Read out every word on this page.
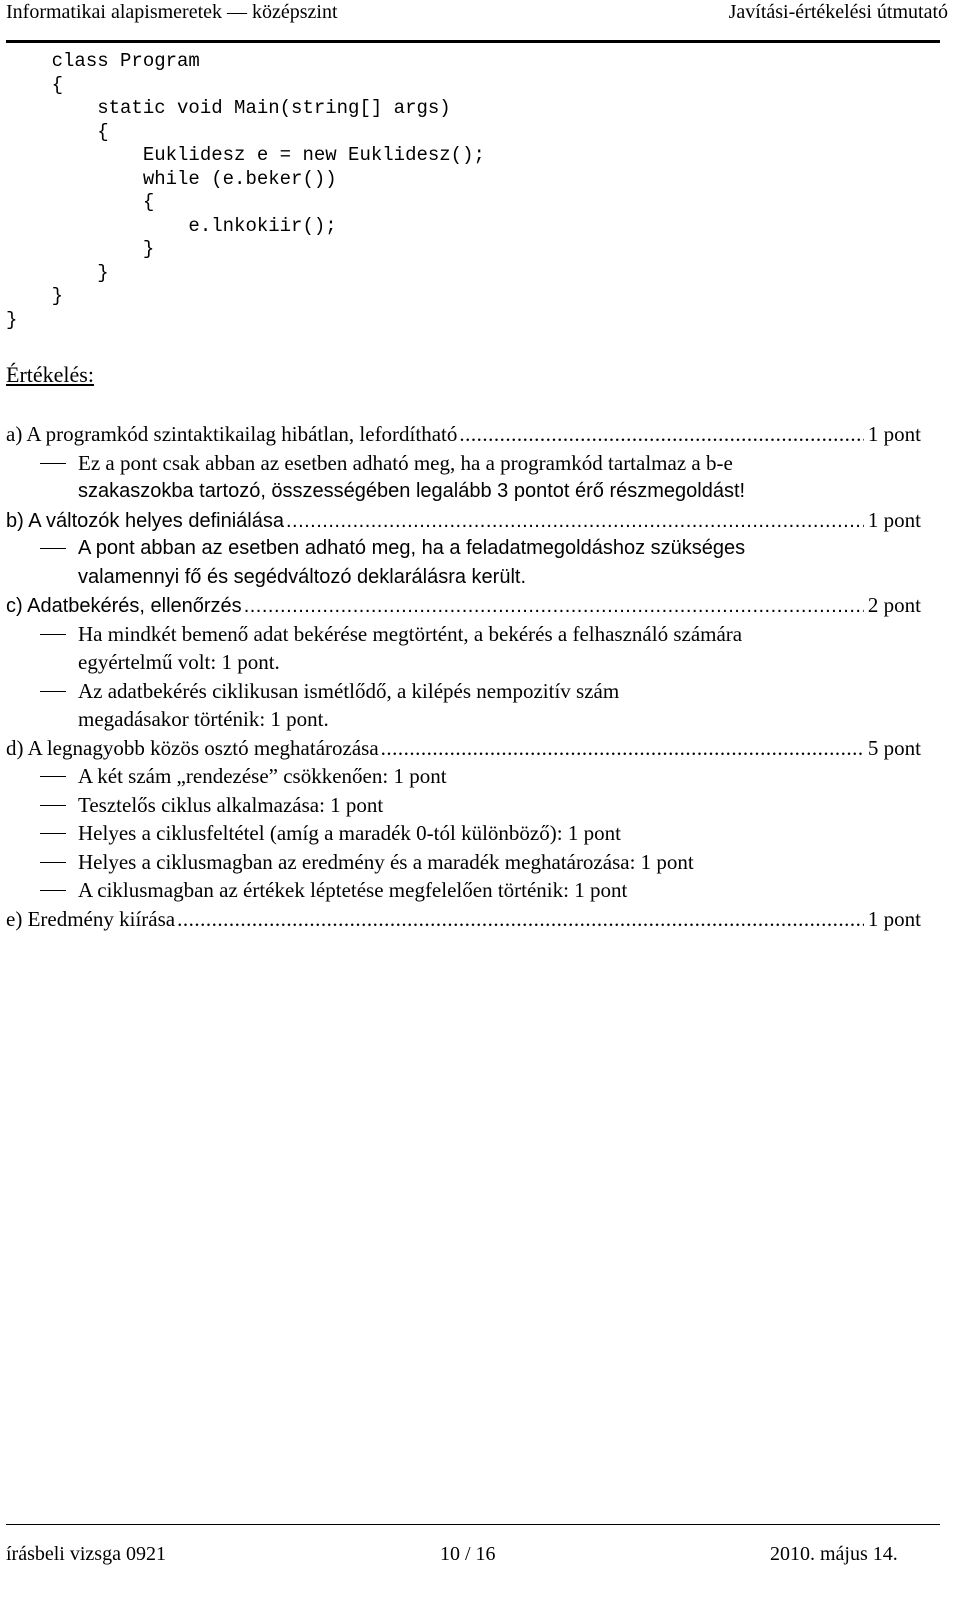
Informatikai alapismeretek — középszint	Javítási-értékelési útmutató
class Program
{
static void Main(string[] args)
{
Euklidesz e = new Euklidesz();
while (e.beker())
{
e.lnkokiir();
}
}
}
}
Értékelés:
a) A programkód szintaktikailag hibátlan, lefordítható .....	1 pont
Ez a pont csak abban az esetben adható meg, ha a programkód tartalmaz a b-e
szakaszokba tartozó, összességében legalább 3 pontot érő részmegoldást!
b) A változók helyes definiálása .....	1 pont
A pont abban az esetben adható meg, ha a feladatmegoldáshoz szükséges
valamennyi fő és segédváltozó deklarálásra került.
c) Adatbekérés, ellenőrzés .....	2 pont
Ha mindkét bemenő adat bekérése megtörtént, a bekérés a felhasználó számára
egyértelmű volt: 1 pont.
Az adatbekérés ciklikusan ismétlődő, a kilépés nempozitív szám
megadásakor történik: 1 pont.
d) A legnagyobb közös osztó meghatározása .....	5 pont
A két szám „rendezése” csökkenően: 1 pont
Tesztelős ciklus alkalmazása: 1 pont
Helyes a ciklusfeltétel (amíg a maradék 0-tól különböző): 1 pont
Helyes a ciklusmagban az eredmény és a maradék meghatározása: 1 pont
A ciklusmagban az értékek léptetése megfelelően történik: 1 pont
e) Eredmény kiírása .....	1 pont
írásbeli vizsga 0921	10 / 16	2010. május 14.
